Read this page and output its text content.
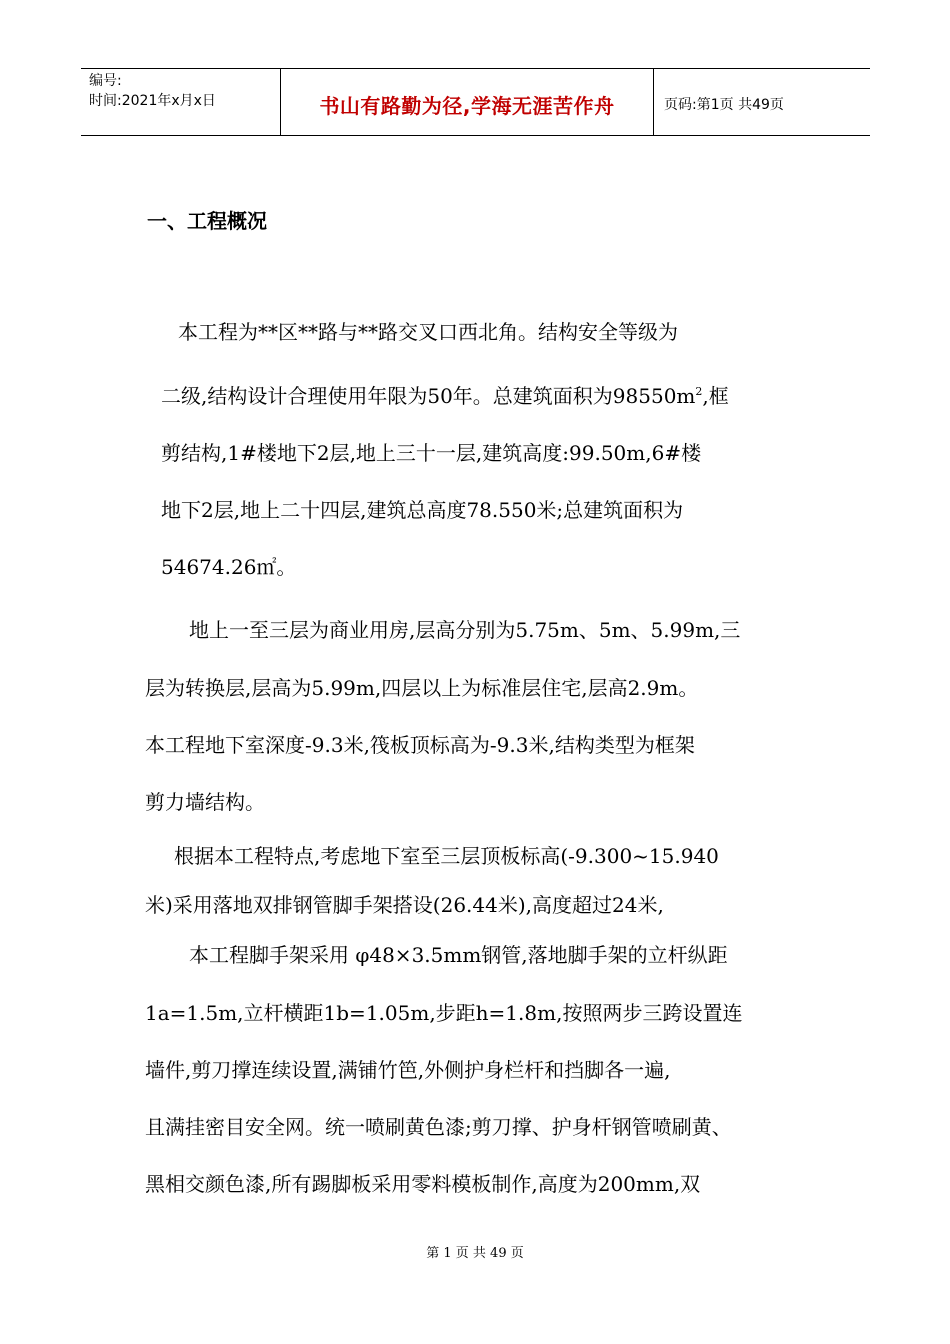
编号:
时间:2021年x月x日	书山有路勤为径,学海无涯苦作舟	页码:第1页 共49页
一、工程概况
本工程为**区**路与**路交叉口西北角。结构安全等级为
二级,结构设计合理使用年限为50年。总建筑面积为$98550m^2$,框
剪结构,1#楼地下2层,地上三十一层,建筑高度:99.50m,6#楼
地下2层,地上二十四层,建筑总高度78.550米;总建筑面积为
54674.26㎡。
地上一至三层为商业用房,层高分别为5.75m、5m、5.99m,三
层为转换层,层高为5.99m,四层以上为标准层住宅,层高2.9m。
本工程地下室深度-9.3米,筏板顶标高为-9.3米,结构类型为框架
剪力墙结构。
根据本工程特点,考虑地下室至三层顶板标高(-9.300~15.940
米)采用落地双排钢管脚手架搭设(26.44米),高度超过24米,
本工程脚手架采用 φ48×3.5mm钢管,落地脚手架的立杆纵距
1a=1.5m,立杆横距1b=1.05m,步距h=1.8m,按照两步三跨设置连
墙件,剪刀撑连续设置,满铺竹笆,外侧护身栏杆和挡脚各一遍,
且满挂密目安全网。统一喷刷黄色漆;剪刀撑、护身杆钢管喷刷黄、
黑相交颜色漆,所有踢脚板采用零料模板制作,高度为200mm,双
第 1 页 共 49 页
